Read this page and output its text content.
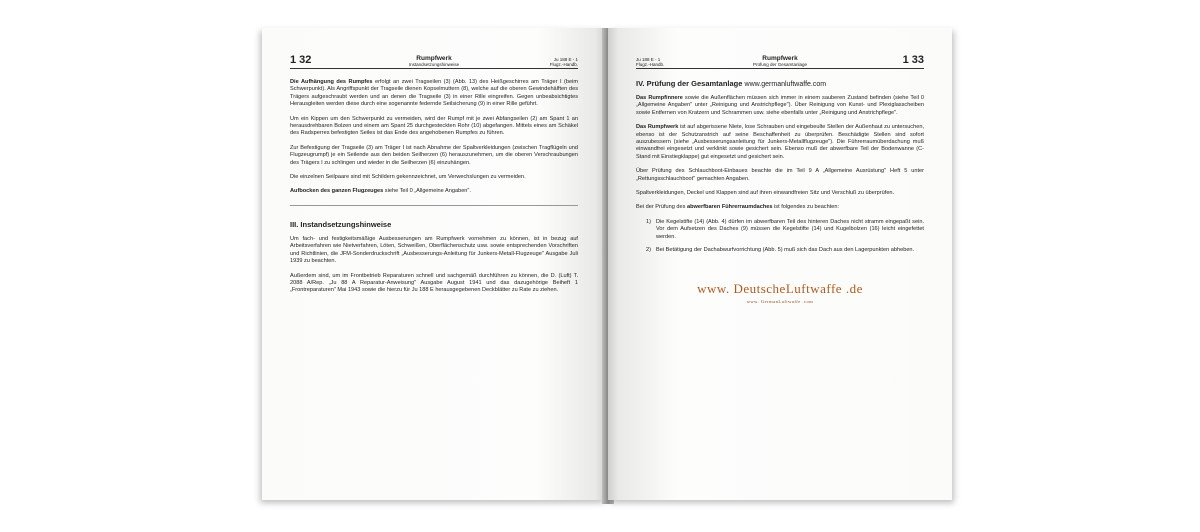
1 32	Rumpfwerk
Instandsetzungshinweise
Ju 188 E - 1
Flugz.-Handb.

Die Aufhängung des Rumpfes erfolgt an zwei Tragseilen (3) (Abb. 13) des Heißgeschirres am Träger I (beim Schwerpunkt). Als Angriffspunkt der Tragseile dienen Kopselmuttern (8), welche auf die oberen Gewindehälften des Trägers aufgeschraubt werden und an denen die Tragseile (3) in einer Rille eingreifen. Gegen unbeabsichtigtes Herausgleiten werden diese durch eine sogenannte federnde Seilsicherung (9) in einer Rille geführt.

Um ein Kippen um den Schwerpunkt zu vermeiden, wird der Rumpf mit je zwei Abfangseilen (2) am Spant 1 an herausdrehbaren Bolzen und einem am Spant 25 durchgesteckten Rohr (10) abgefangen. Mittels eines am Schäkel des Radsperres befestigten Seiles ist das Ende des angehobenen Rumpfes zu führen.

Zur Befestigung der Tragseile (3) am Träger I ist nach Abnahme der Spaltverkleidungen (zwischen Tragflügeln und Flugzeugrumpf) je ein Seilende aus den beiden Seilherzen (6) herauszunehmen, um die oberen Verschraubungen des Trägers I zu schlingen und wieder in die Seilherzen (6) einzuhängen.

Die einzelnen Seilpaare sind mit Schildern gekennzeichnet, um Verwechslungen zu vermeiden.

Aufbocken des ganzen Flugzeuges siehe Teil 0 „Allgemeine Angaben".

III. Instandsetzungshinweise

Um fach- und festigkeitsmäßige Ausbesserungen am Rumpfwerk vornehmen zu können, ist in bezug auf Arbeitsverfahren wie Nietverfahren, Löten, Schweißen, Oberflächenschutz usw. sowie entsprechenden Vorschriften und Richtlinien, die JFM-Sonderdruckschrift „Ausbesserungs-Anleitung für Junkers-Metall-Flugzeuge" Ausgabe Juli 1939 zu beachten.

Außerdem sind, um im Frontbetrieb Reparaturen schnell und sachgemäß durchführen zu können, die D. (Luft) T. 2088 A/Rep. „Ju 88 A Reparatur-Anweisung" Ausgabe August 1941 und das dazugehörige Beiheft 1 „Frontreparaturen" Mai 1943 sowie die hierzu für Ju 188 E herausgegebenen Deckblätter zu Rate zu ziehen.

Ju 188 E - 1
Flugz.-Handb.
Rumpfwerk
Prüfung der Gesamtanlage	1 33
IV. Prüfung der Gesamtanlage www.germanluftwaffe.com

Das Rumpfinnere sowie die Außenflächen müssen sich immer in einem sauberen Zustand befinden (siehe Teil 0 „Allgemeine Angaben" unter „Reinigung und Anstrichpflege"). Über Reinigung von Kunst- und Plexiglasscheiben sowie Entfernen von Kratzern und Schrammen usw. siehe ebenfalls unter „Reinigung und Anstrichpflege".

Das Rumpfwerk ist auf abgerissene Niete, lose Schrauben und eingebeulte Stellen der Außenhaut zu untersuchen, ebenso ist der Schutzanstrich auf seine Beschaffenheit zu überprüfen. Beschädigte Stellen sind sofort auszubessern (siehe „Ausbesserungsanleitung für Junkers-Metallflugzeuge"). Die Führerraumüberdachung muß einwandfrei eingesetzt und verklinkt sowie gesichert sein. Ebenso muß der abwerfbare Teil der Bodenwanne (C-Stand mit Einstiegklappe) gut eingesetzt und gesichert sein.

Über Prüfung des Schlauchboot-Einbaues beachte die im Teil 9 A „Allgemeine Ausrüstung" Heft 5 unter „Rettungsschlauchboot" gemachten Angaben.

Spaltverkleidungen, Deckel und Klappen sind auf ihren einwandfreien Sitz und Verschluß zu überprüfen.

Bei der Prüfung des abwerfbaren Führerraumdaches ist folgendes zu beachten:

1) Die Kegelstifte (14) (Abb. 4) dürfen im abwerfbaren Teil des hinteren Daches nicht stramm eingepaßt sein. Vor dem Aufsetzen des Daches (9) müssen die Kegelstifte (14) und Kugelbolzen (16) leicht eingefettet werden.
2) Bei Betätigung der Dachabwurfvorrichtung (Abb. 5) muß sich das Dach aus den Lagerpunkten abheben.
www. DeutscheLuftwaffe .de
www. GermanLuftwaffe .com
